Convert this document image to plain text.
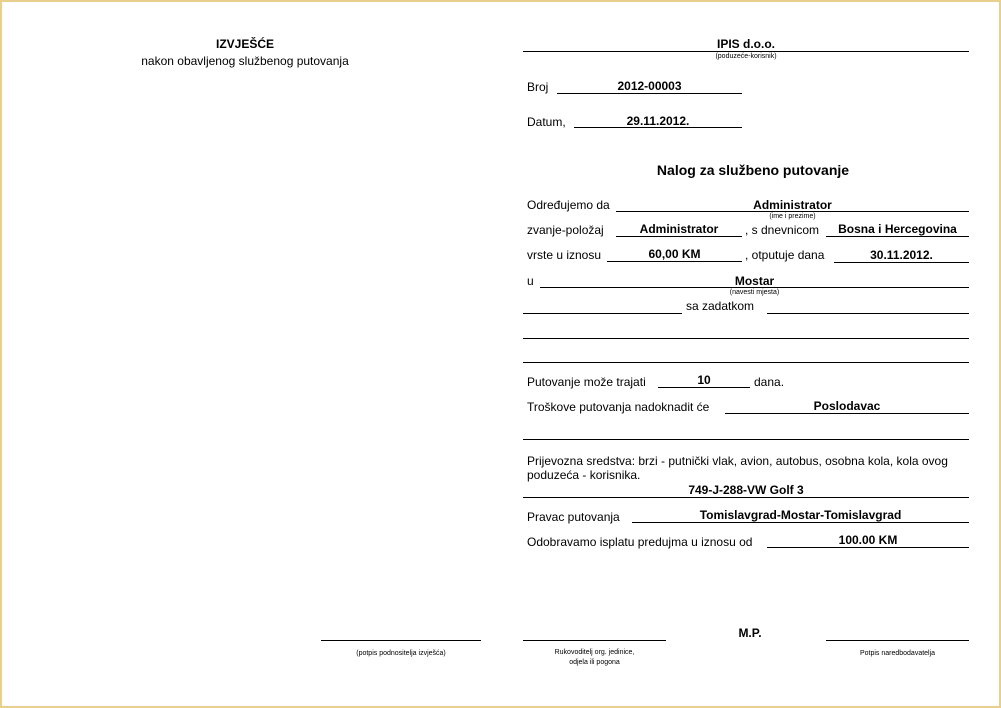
IZVJEŠĆE
nakon obavljenog službenog putovanja
IPIS d.o.o.
(poduzeće-korisnik)
Broj	2012-00003
Datum,	29.11.2012.
Nalog za službeno putovanje
Određujemo da	Administrator
(ime i prezime)
zvanje-položaj	Administrator	, s dnevnicom	Bosna i Hercegovina
vrste u iznosu	60,00 KM	, otputuje dana	30.11.2012.
u	Mostar
(navesti mjesta)
sa zadatkom
Putovanje može trajati	10	dana.
Troškove putovanja nadoknadit će	Poslodavac
Prijevozna sredstva: brzi - putnički vlak, avion, autobus, osobna kola, kola ovog poduzeća - korisnika.
749-J-288-VW Golf 3
Pravac putovanja	Tomislavgrad-Mostar-Tomislavgrad
Odobravamo isplatu predujma u iznosu od	100.00 KM
(potpis podnositelja izvješća)	Rukovoditelj org. jedinice,
odjela ili pogona
M.P.
Potpis naredbodavatelja
